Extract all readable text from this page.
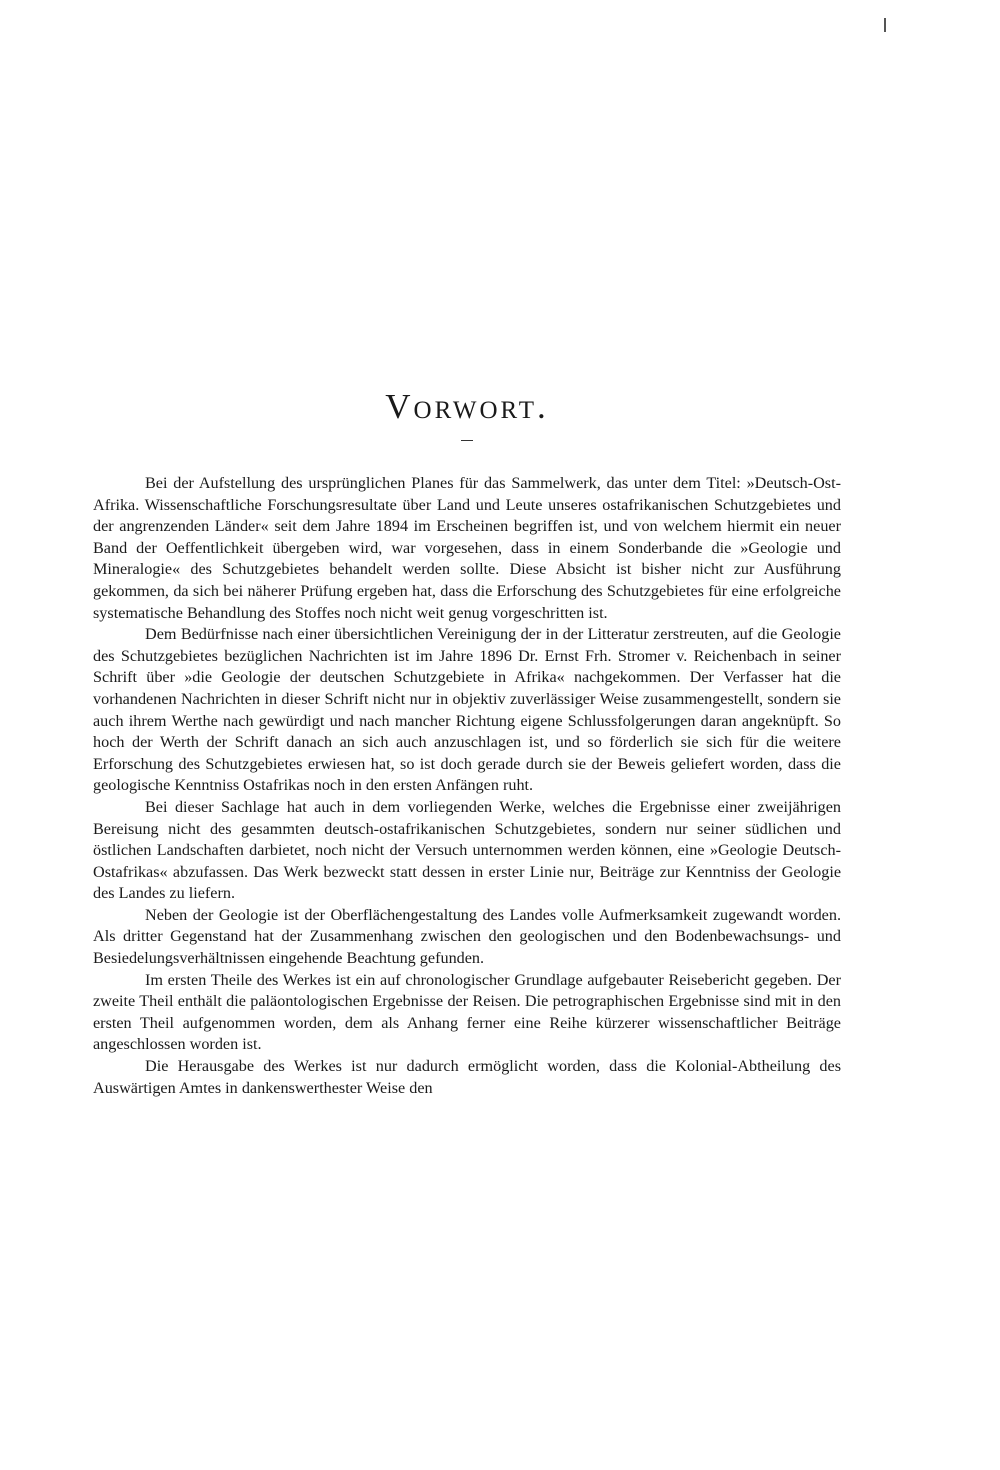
Vorwort.

Bei der Aufstellung des ursprünglichen Planes für das Sammelwerk, das unter dem Titel: »Deutsch-Ost-Afrika. Wissenschaftliche Forschungsresultate über Land und Leute unseres ostafrikanischen Schutzgebietes und der angrenzenden Länder« seit dem Jahre 1894 im Erscheinen begriffen ist, und von welchem hiermit ein neuer Band der Oeffentlichkeit übergeben wird, war vorgesehen, dass in einem Sonderbande die »Geologie und Mineralogie« des Schutzgebietes behandelt werden sollte. Diese Absicht ist bisher nicht zur Ausführung gekommen, da sich bei näherer Prüfung ergeben hat, dass die Erforschung des Schutzgebietes für eine erfolgreiche systematische Behandlung des Stoffes noch nicht weit genug vorgeschritten ist.

Dem Bedürfnisse nach einer übersichtlichen Vereinigung der in der Litteratur zerstreuten, auf die Geologie des Schutzgebietes bezüglichen Nachrichten ist im Jahre 1896 Dr. Ernst Frh. Stromer v. Reichenbach in seiner Schrift über »die Geologie der deutschen Schutzgebiete in Afrika« nachgekommen. Der Verfasser hat die vorhandenen Nachrichten in dieser Schrift nicht nur in objektiv zuverlässiger Weise zusammengestellt, sondern sie auch ihrem Werthe nach gewürdigt und nach mancher Richtung eigene Schlussfolgerungen daran angeknüpft. So hoch der Werth der Schrift danach an sich auch anzuschlagen ist, und so förderlich sie sich für die weitere Erforschung des Schutzgebietes erwiesen hat, so ist doch gerade durch sie der Beweis geliefert worden, dass die geologische Kenntniss Ostafrikas noch in den ersten Anfängen ruht.

Bei dieser Sachlage hat auch in dem vorliegenden Werke, welches die Ergebnisse einer zweijährigen Bereisung nicht des gesammten deutsch-ostafrikanischen Schutzgebietes, sondern nur seiner südlichen und östlichen Landschaften darbietet, noch nicht der Versuch unternommen werden können, eine »Geologie Deutsch-Ostafrikas« abzufassen. Das Werk bezweckt statt dessen in erster Linie nur, Beiträge zur Kenntniss der Geologie des Landes zu liefern.

Neben der Geologie ist der Oberflächengestaltung des Landes volle Aufmerksamkeit zugewandt worden. Als dritter Gegenstand hat der Zusammenhang zwischen den geologischen und den Bodenbewachsungs- und Besiedelungsverhältnissen eingehende Beachtung gefunden.

Im ersten Theile des Werkes ist ein auf chronologischer Grundlage aufgebauter Reisebericht gegeben. Der zweite Theil enthält die paläontologischen Ergebnisse der Reisen. Die petrographischen Ergebnisse sind mit in den ersten Theil aufgenommen worden, dem als Anhang ferner eine Reihe kürzerer wissenschaftlicher Beiträge angeschlossen worden ist.

Die Herausgabe des Werkes ist nur dadurch ermöglicht worden, dass die Kolonial-Abtheilung des Auswärtigen Amtes in dankenswerthester Weise den
